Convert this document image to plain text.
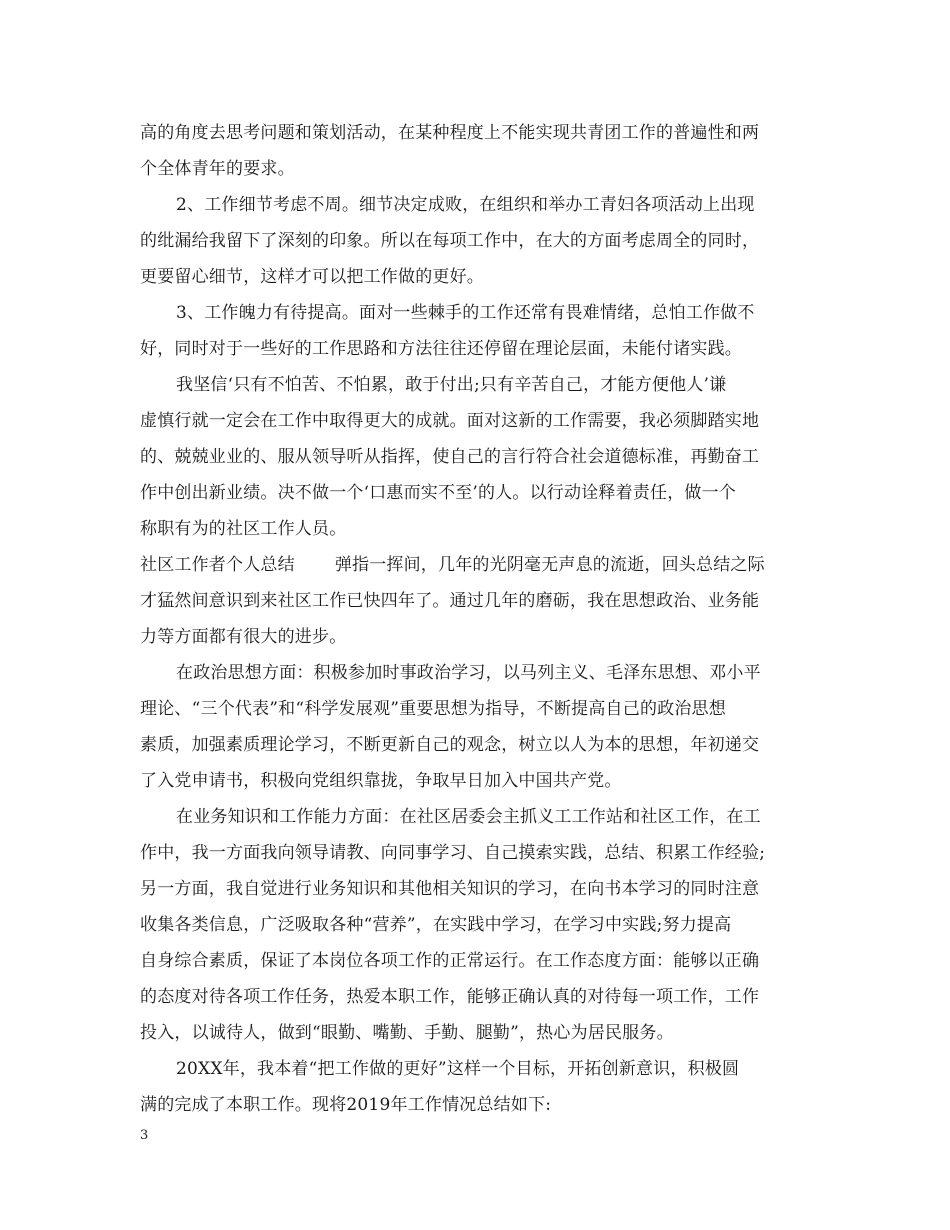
高的角度去思考问题和策划活动，在某种程度上不能实现共青团工作的普遍性和两
个全体青年的要求。
2、工作细节考虑不周。细节决定成败，在组织和举办工青妇各项活动上出现
的纰漏给我留下了深刻的印象。所以在每项工作中，在大的方面考虑周全的同时，
更要留心细节，这样才可以把工作做的更好。
3、工作魄力有待提高。面对一些棘手的工作还常有畏难情绪，总怕工作做不
好，同时对于一些好的工作思路和方法往往还停留在理论层面，未能付诸实践。
我坚信‘只有不怕苦、不怕累，敢于付出;只有辛苦自己，才能方便他人’谦
虚慎行就一定会在工作中取得更大的成就。面对这新的工作需要，我必须脚踏实地
的、兢兢业业的、服从领导听从指挥，使自己的言行符合社会道德标准，再勤奋工
作中创出新业绩。决不做一个‘口惠而实不至’的人。以行动诠释着责任，做一个
称职有为的社区工作人员。
社区工作者个人总结 弹指一挥间，几年的光阴毫无声息的流逝，回头总结之际
才猛然间意识到来社区工作已快四年了。通过几年的磨砺，我在思想政治、业务能
力等方面都有很大的进步。
在政治思想方面：积极参加时事政治学习，以马列主义、毛泽东思想、邓小平
理论、“三个代表”和“科学发展观”重要思想为指导，不断提高自己的政治思想
素质，加强素质理论学习，不断更新自己的观念，树立以人为本的思想，年初递交
了入党申请书，积极向党组织靠拢，争取早日加入中国共产党。
在业务知识和工作能力方面：在社区居委会主抓义工工作站和社区工作，在工
作中，我一方面我向领导请教、向同事学习、自己摸索实践，总结、积累工作经验;
另一方面，我自觉进行业务知识和其他相关知识的学习，在向书本学习的同时注意
收集各类信息，广泛吸取各种“营养”，在实践中学习，在学习中实践;努力提高
自身综合素质，保证了本岗位各项工作的正常运行。在工作态度方面：能够以正确
的态度对待各项工作任务，热爱本职工作，能够正确认真的对待每一项工作，工作
投入，以诚待人，做到“眼勤、嘴勤、手勤、腿勤”，热心为居民服务。
20XX年，我本着“把工作做的更好”这样一个目标，开拓创新意识，积极圆
满的完成了本职工作。现将2019年工作情况总结如下:
3
